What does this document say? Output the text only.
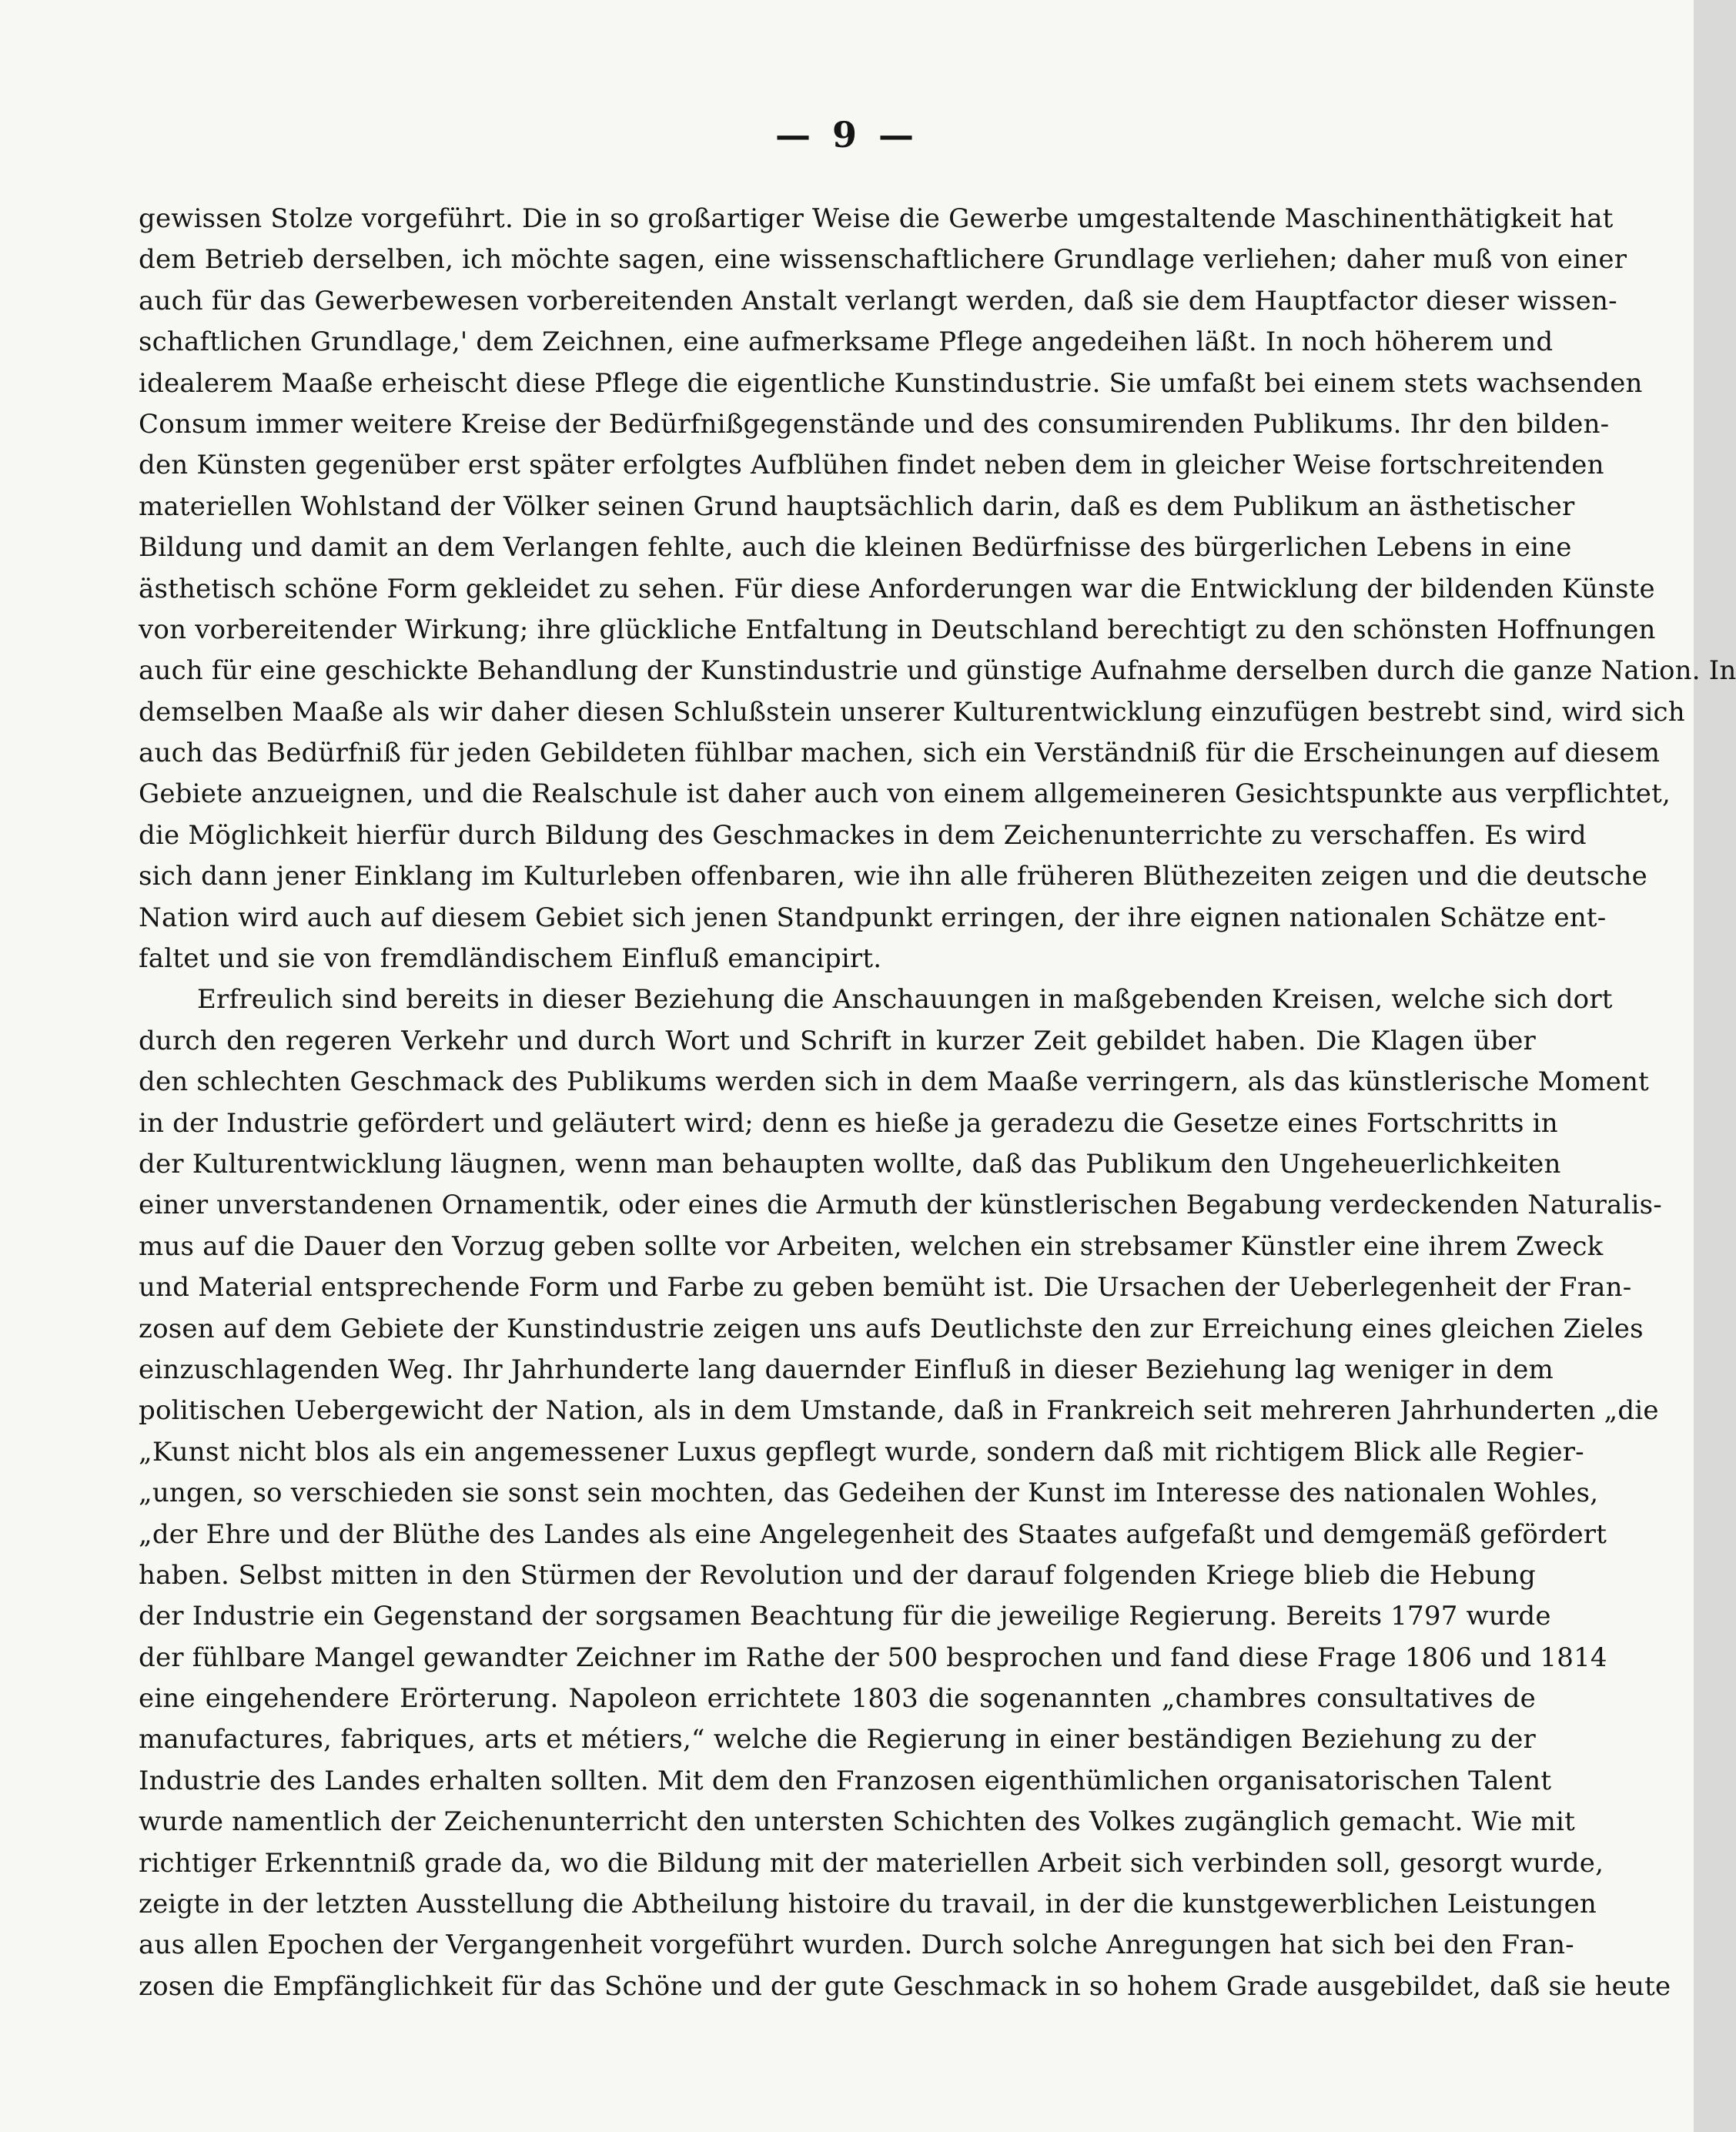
— 9 —
gewissen Stolze vorgeführt. Die in so großartiger Weise die Gewerbe umgestaltende Maschinenthätigkeit hat
dem Betrieb derselben, ich möchte sagen, eine wissenschaftlichere Grundlage verliehen; daher muß von einer
auch für das Gewerbewesen vorbereitenden Anstalt verlangt werden, daß sie dem Hauptfactor dieser wissen-
schaftlichen Grundlage,' dem Zeichnen, eine aufmerksame Pflege angedeihen läßt. In noch höherem und
idealerem Maaße erheischt diese Pflege die eigentliche Kunstindustrie. Sie umfaßt bei einem stets wachsenden
Consum immer weitere Kreise der Bedürfnißgegenstände und des consumirenden Publikums. Ihr den bilden-
den Künsten gegenüber erst später erfolgtes Aufblühen findet neben dem in gleicher Weise fortschreitenden
materiellen Wohlstand der Völker seinen Grund hauptsächlich darin, daß es dem Publikum an ästhetischer
Bildung und damit an dem Verlangen fehlte, auch die kleinen Bedürfnisse des bürgerlichen Lebens in eine
ästhetisch schöne Form gekleidet zu sehen. Für diese Anforderungen war die Entwicklung der bildenden Künste
von vorbereitender Wirkung; ihre glückliche Entfaltung in Deutschland berechtigt zu den schönsten Hoffnungen
auch für eine geschickte Behandlung der Kunstindustrie und günstige Aufnahme derselben durch die ganze Nation. In
demselben Maaße als wir daher diesen Schlußstein unserer Kulturentwicklung einzufügen bestrebt sind, wird sich
auch das Bedürfniß für jeden Gebildeten fühlbar machen, sich ein Verständniß für die Erscheinungen auf diesem
Gebiete anzueignen, und die Realschule ist daher auch von einem allgemeineren Gesichtspunkte aus verpflichtet,
die Möglichkeit hierfür durch Bildung des Geschmackes in dem Zeichenunterrichte zu verschaffen. Es wird
sich dann jener Einklang im Kulturleben offenbaren, wie ihn alle früheren Blüthezeiten zeigen und die deutsche
Nation wird auch auf diesem Gebiet sich jenen Standpunkt erringen, der ihre eignen nationalen Schätze ent-
faltet und sie von fremdländischem Einfluß emancipirt.
Erfreulich sind bereits in dieser Beziehung die Anschauungen in maßgebenden Kreisen, welche sich dort
durch den regeren Verkehr und durch Wort und Schrift in kurzer Zeit gebildet haben. Die Klagen über
den schlechten Geschmack des Publikums werden sich in dem Maaße verringern, als das künstlerische Moment
in der Industrie gefördert und geläutert wird; denn es hieße ja geradezu die Gesetze eines Fortschritts in
der Kulturentwicklung läugnen, wenn man behaupten wollte, daß das Publikum den Ungeheuerlichkeiten
einer unverstandenen Ornamentik, oder eines die Armuth der künstlerischen Begabung verdeckenden Naturalis-
mus auf die Dauer den Vorzug geben sollte vor Arbeiten, welchen ein strebsamer Künstler eine ihrem Zweck
und Material entsprechende Form und Farbe zu geben bemüht ist. Die Ursachen der Ueberlegenheit der Fran-
zosen auf dem Gebiete der Kunstindustrie zeigen uns aufs Deutlichste den zur Erreichung eines gleichen Zieles
einzuschlagenden Weg. Ihr Jahrhunderte lang dauernder Einfluß in dieser Beziehung lag weniger in dem
politischen Uebergewicht der Nation, als in dem Umstande, daß in Frankreich seit mehreren Jahrhunderten „die
„Kunst nicht blos als ein angemessener Luxus gepflegt wurde, sondern daß mit richtigem Blick alle Regier-
„ungen, so verschieden sie sonst sein mochten, das Gedeihen der Kunst im Interesse des nationalen Wohles,
„der Ehre und der Blüthe des Landes als eine Angelegenheit des Staates aufgefaßt und demgemäß gefördert
haben. Selbst mitten in den Stürmen der Revolution und der darauf folgenden Kriege blieb die Hebung
der Industrie ein Gegenstand der sorgsamen Beachtung für die jeweilige Regierung. Bereits 1797 wurde
der fühlbare Mangel gewandter Zeichner im Rathe der 500 besprochen und fand diese Frage 1806 und 1814
eine eingehendere Erörterung. Napoleon errichtete 1803 die sogenannten „chambres consultatives de
manufactures, fabriques, arts et métiers,“ welche die Regierung in einer beständigen Beziehung zu der
Industrie des Landes erhalten sollten. Mit dem den Franzosen eigenthümlichen organisatorischen Talent
wurde namentlich der Zeichenunterricht den untersten Schichten des Volkes zugänglich gemacht. Wie mit
richtiger Erkenntniß grade da, wo die Bildung mit der materiellen Arbeit sich verbinden soll, gesorgt wurde,
zeigte in der letzten Ausstellung die Abtheilung histoire du travail, in der die kunstgewerblichen Leistungen
aus allen Epochen der Vergangenheit vorgeführt wurden. Durch solche Anregungen hat sich bei den Fran-
zosen die Empfänglichkeit für das Schöne und der gute Geschmack in so hohem Grade ausgebildet, daß sie heute
